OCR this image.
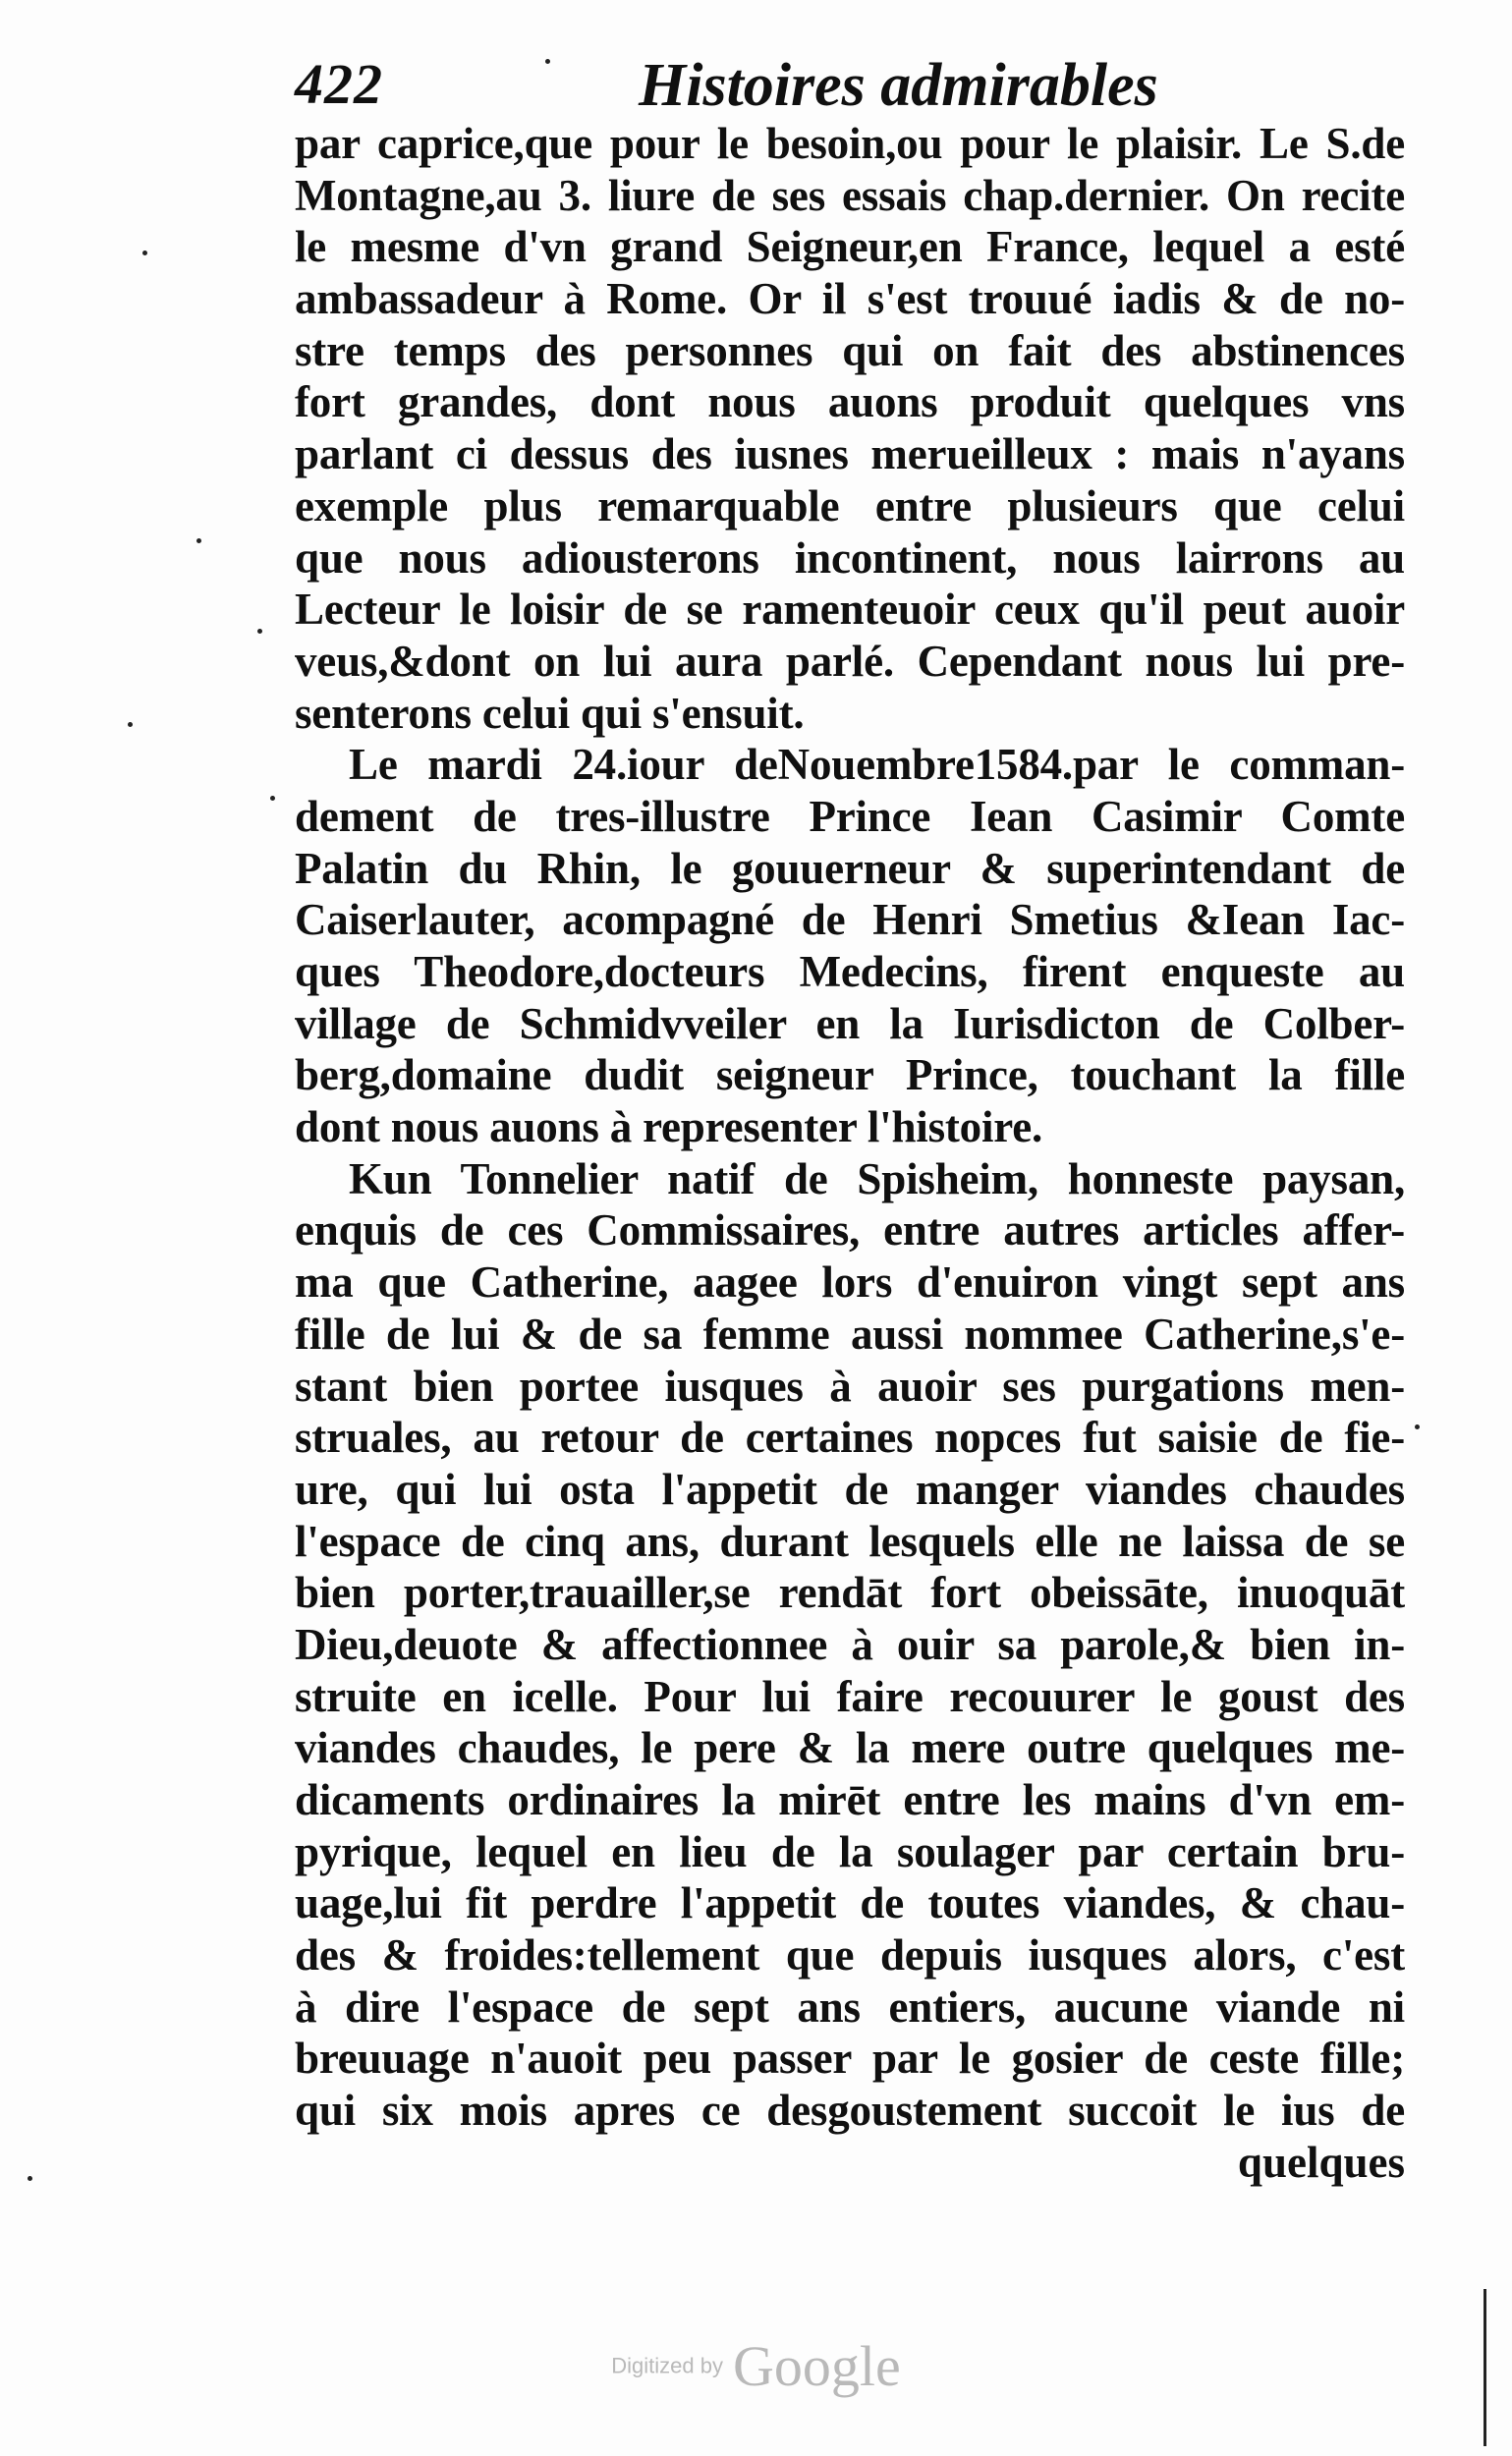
422	Histoires admirables
par caprice,que pour le besoin,ou pour le plaisir. Le S.de
Montagne,au 3. liure de ses essais chap.dernier. On recite
le mesme d'vn grand Seigneur,en France, lequel a esté
ambassadeur à Rome. Or il s'est trouué iadis & de no-
stre temps des personnes qui on fait des abstinences
fort grandes, dont nous auons produit quelques vns
parlant ci dessus des iusnes merueilleux : mais n'ayans
exemple plus remarquable entre plusieurs que celui
que nous adiousterons incontinent, nous lairrons au
Lecteur le loisir de se ramenteuoir ceux qu'il peut auoir
veus,&dont on lui aura parlé. Cependant nous lui pre-
senterons celui qui s'ensuit.
Le mardi 24.iour deNouembre1584.par le comman-
dement de tres-illustre Prince Iean Casimir Comte
Palatin du Rhin, le gouuerneur & superintendant de
Caiserlauter, acompagné de Henri Smetius &Iean Iac-
ques Theodore,docteurs Medecins, firent enqueste au
village de Schmidvveiler en la Iurisdicton de Colber-
berg,domaine dudit seigneur Prince, touchant la fille
dont nous auons à representer l'histoire.
Kun Tonnelier natif de Spisheim, honneste paysan,
enquis de ces Commissaires, entre autres articles affer-
ma que Catherine, aagee lors d'enuiron vingt sept ans
fille de lui & de sa femme aussi nommee Catherine,s'e-
stant bien portee iusques à auoir ses purgations men-
struales, au retour de certaines nopces fut saisie de fie-
ure, qui lui osta l'appetit de manger viandes chaudes
l'espace de cinq ans, durant lesquels elle ne laissa de se
bien porter,trauailler,se rendāt fort obeissāte, inuoquāt
Dieu,deuote & affectionnee à ouir sa parole,& bien in-
struite en icelle. Pour lui faire recouurer le goust des
viandes chaudes, le pere & la mere outre quelques me-
dicaments ordinaires la mirēt entre les mains d'vn em-
pyrique, lequel en lieu de la soulager par certain bru-
uage,lui fit perdre l'appetit de toutes viandes, & chau-
des & froides:tellement que depuis iusques alors, c'est
à dire l'espace de sept ans entiers, aucune viande ni
breuuage n'auoit peu passer par le gosier de ceste fille;
qui six mois apres ce desgoustement succoit le ius de
quelques
Digitized by Google
